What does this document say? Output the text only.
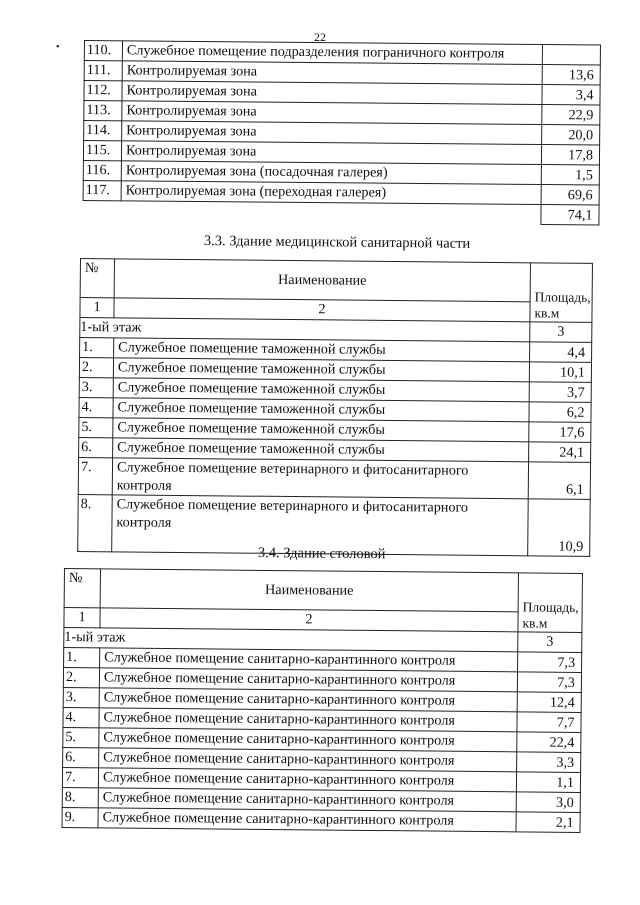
22
• 110.	Служебное помещение подразделения пограничного контроля	
111.	Контролируемая зона	13,6
112.	Контролируемая зона	3,4
113.	Контролируемая зона	22,9
114.	Контролируемая зона	20,0
115.	Контролируемая зона	17,8
116.	Контролируемая зона (посадочная галерея)	1,5
117.	Контролируемая зона (переходная галерея)	69,6
		74,1
3.3. Здание медицинской санитарной части
№	Наименование	Площадь, кв.м
1	2	
1-ый этаж		3
1.	Служебное помещение таможенной службы	4,4
2.	Служебное помещение таможенной службы	10,1
3.	Служебное помещение таможенной службы	3,7
4.	Служебное помещение таможенной службы	6,2
5.	Служебное помещение таможенной службы	17,6
6.	Служебное помещение таможенной службы	24,1
7.	Служебное помещение ветеринарного и фитосанитарного контроля	6,1
8.	Служебное помещение ветеринарного и фитосанитарного контроля	10,9
3.4. Здание столовой
№	Наименование	Площадь, кв.м
1	2	
1-ый этаж		3
1.	Служебное помещение санитарно-карантинного контроля	7,3
2.	Служебное помещение санитарно-карантинного контроля	7,3
3.	Служебное помещение санитарно-карантинного контроля	12,4
4.	Служебное помещение санитарно-карантинного контроля	7,7
5.	Служебное помещение санитарно-карантинного контроля	22,4
6.	Служебное помещение санитарно-карантинного контроля	3,3
7.	Служебное помещение санитарно-карантинного контроля	1,1
8.	Служебное помещение санитарно-карантинного контроля	3,0
9.	Служебное помещение санитарно-карантинного контроля	2,1
